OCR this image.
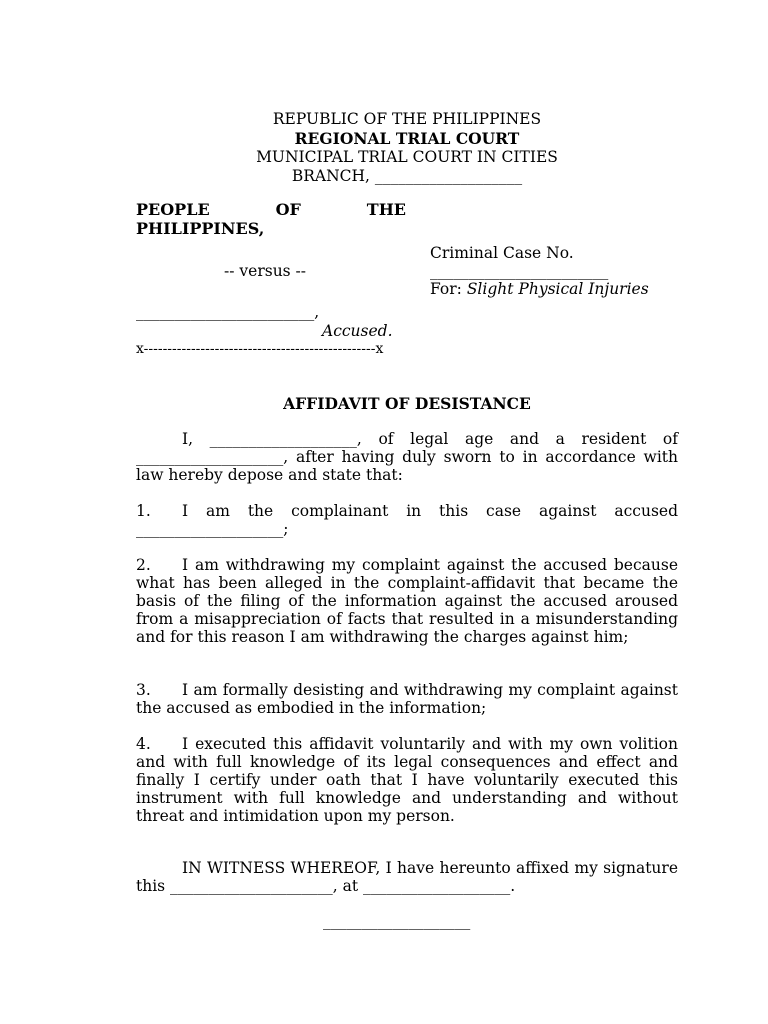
REPUBLIC OF THE PHILIPPINES
REGIONAL TRIAL COURT
MUNICIPAL TRIAL COURT IN CITIES
BRANCH, ___________________
PEOPLE OF THE
PHILIPPINES,
-- versus --
Criminal Case No.
_______________________
For: Slight Physical Injuries
_______________________,
Accused.
x-------------------------------------------------x
AFFIDAVIT OF DESISTANCE
I, ___________________, of legal age and a resident of ___________________, after having duly sworn to in accordance with law hereby depose and state that:
1. I am the complainant in this case against accused ___________________;
2. I am withdrawing my complaint against the accused because what has been alleged in the complaint-affidavit that became the basis of the filing of the information against the accused aroused from a misappreciation of facts that resulted in a misunderstanding and for this reason I am withdrawing the charges against him;
3. I am formally desisting and withdrawing my complaint against the accused as embodied in the information;
4. I executed this affidavit voluntarily and with my own volition and with full knowledge of its legal consequences and effect and finally I certify under oath that I have voluntarily executed this instrument with full knowledge and understanding and without threat and intimidation upon my person.
IN WITNESS WHEREOF, I have hereunto affixed my signature this _____________________, at ___________________.
___________________
